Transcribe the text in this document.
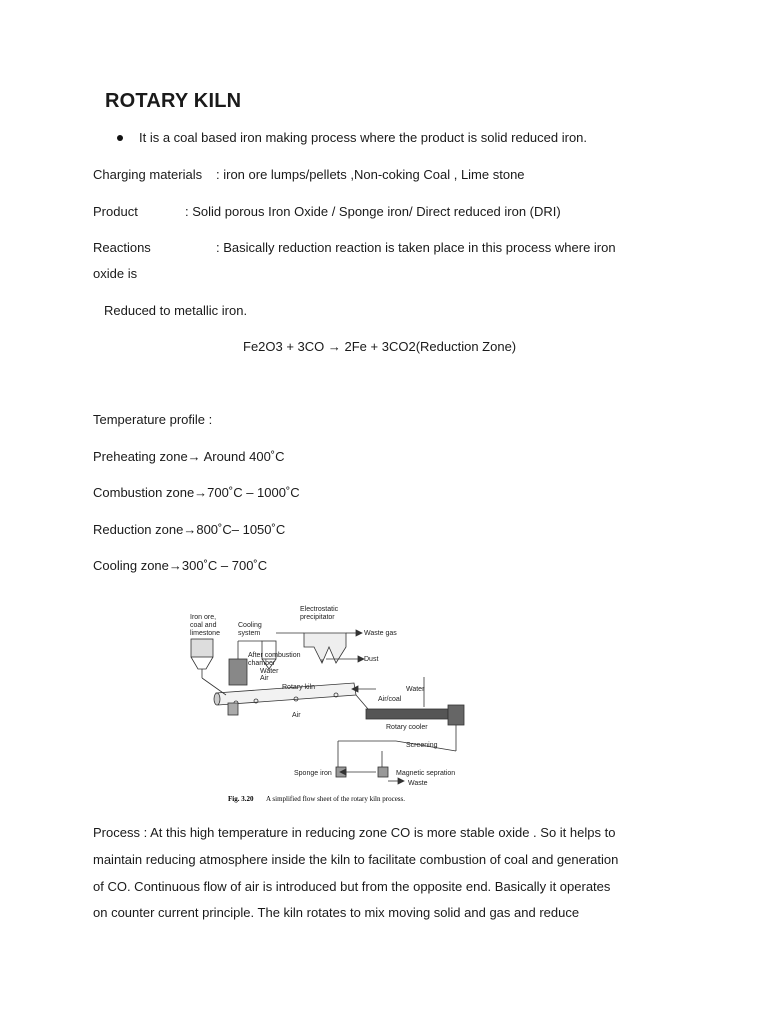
ROTARY KILN
It is a coal based iron making process where the product is solid reduced iron.
Charging materials : iron ore lumps/pellets ,Non-coking Coal , Lime stone
Product	: Solid porous Iron Oxide / Sponge iron/ Direct reduced iron (DRI)
Reactions	: Basically reduction reaction is taken place in this process where iron
oxide is
Reduced to metallic iron.
Fe2O3 + 3CO → 2Fe + 3CO2(Reduction Zone)
Temperature profile :
Preheating zone→ Around 400˚C
Combustion zone→700˚C – 1000˚C
Reduction zone→800˚C– 1050˚C
Cooling zone→300˚C – 700˚C
Iron ore,
coal and
limestone
Cooling
system
Electrostatic
precipitator
Waste gas
Dust
After combustion
chamber
Water
Air
Rotary kiln
Air/coal
Water
Air
Rotary cooler
Screening
Sponge iron	Magnetic sepration
Waste
Fig. 3.20 A simplified flow sheet of the rotary kiln process.
Process : At this high temperature in reducing zone CO is more stable oxide . So it helps to
maintain reducing atmosphere inside the kiln to facilitate combustion of coal and generation
of CO. Continuous flow of air is introduced but from the opposite end. Basically it operates
on counter current principle. The kiln rotates to mix moving solid and gas and reduce
